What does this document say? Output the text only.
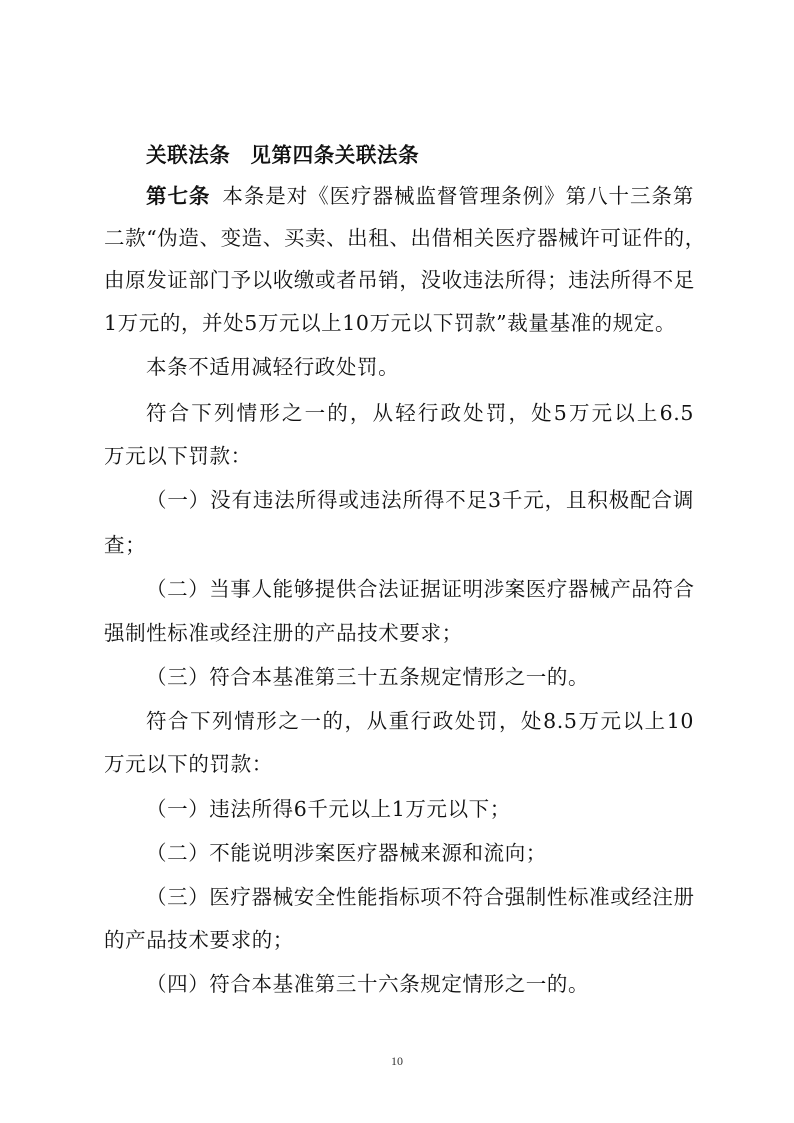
关联法条 见第四条关联法条
第七条 本条是对《医疗器械监督管理条例》第八十三条第
二款“伪造、变造、买卖、出租、出借相关医疗器械许可证件的，
由原发证部门予以收缴或者吊销，没收违法所得；违法所得不足
1万元的，并处5万元以上10万元以下罚款”裁量基准的规定。
本条不适用减轻行政处罚。
符合下列情形之一的，从轻行政处罚，处5万元以上6.5
万元以下罚款：
（一）没有违法所得或违法所得不足3千元，且积极配合调
查；
（二）当事人能够提供合法证据证明涉案医疗器械产品符合
强制性标准或经注册的产品技术要求；
（三）符合本基准第三十五条规定情形之一的。
符合下列情形之一的，从重行政处罚，处8.5万元以上10
万元以下的罚款：
（一）违法所得6千元以上1万元以下；
（二）不能说明涉案医疗器械来源和流向；
（三）医疗器械安全性能指标项不符合强制性标准或经注册
的产品技术要求的；
（四）符合本基准第三十六条规定情形之一的。
10
